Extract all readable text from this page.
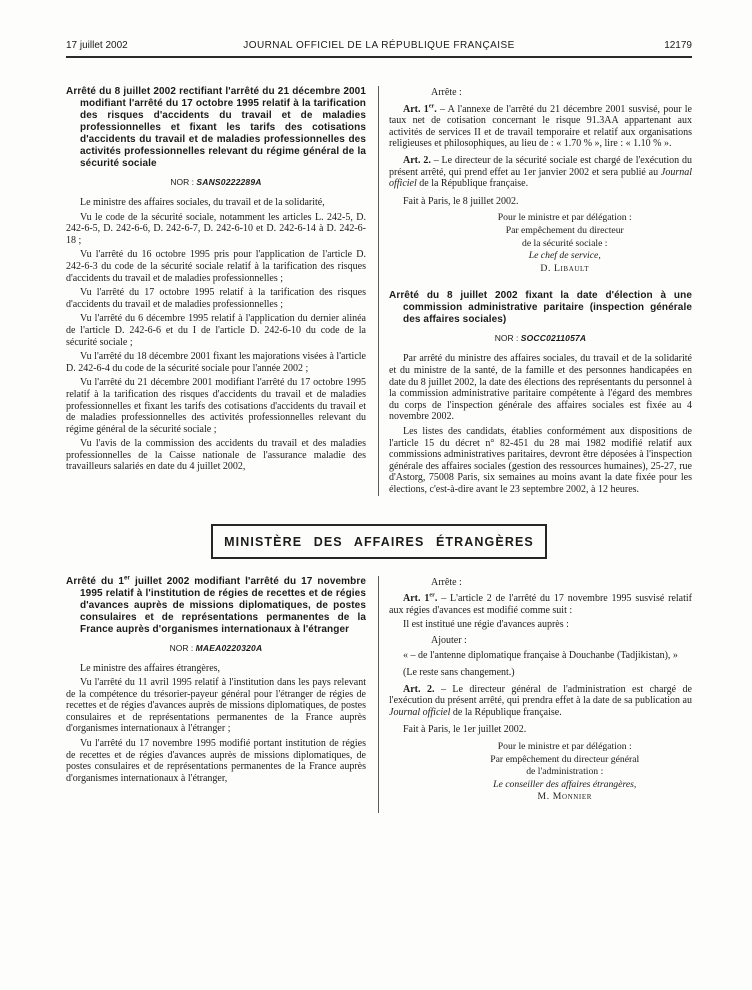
17 juillet 2002	JOURNAL OFFICIEL DE LA RÉPUBLIQUE FRANÇAISE	12179
Arrêté du 8 juillet 2002 rectifiant l'arrêté du 21 décembre 2001 modifiant l'arrêté du 17 octobre 1995 relatif à la tarification des risques d'accidents du travail et de maladies professionnelles et fixant les tarifs des cotisations d'accidents du travail et de maladies professionnelles des activités professionnelles relevant du régime général de la sécurité sociale
NOR : SANS0222289A

Le ministre des affaires sociales, du travail et de la solidarité,

Vu le code de la sécurité sociale, notamment les articles L. 242-5, D. 242-6-5, D. 242-6-6, D. 242-6-7, D. 242-6-10 et D. 242-6-14 à D. 242-6-18 ;

Vu l'arrêté du 16 octobre 1995 pris pour l'application de l'article D. 242-6-3 du code de la sécurité sociale relatif à la tarification des risques d'accidents du travail et de maladies professionnelles ;

Vu l'arrêté du 17 octobre 1995 relatif à la tarification des risques d'accidents du travail et de maladies professionnelles ;

Vu l'arrêté du 6 décembre 1995 relatif à l'application du dernier alinéa de l'article D. 242-6-6 et du I de l'article D. 242-6-10 du code de la sécurité sociale ;

Vu l'arrêté du 18 décembre 2001 fixant les majorations visées à l'article D. 242-6-4 du code de la sécurité sociale pour l'année 2002 ;

Vu l'arrêté du 21 décembre 2001 modifiant l'arrêté du 17 octobre 1995 relatif à la tarification des risques d'accidents du travail et de maladies professionnelles et fixant les tarifs des cotisations d'accidents du travail et de maladies professionnelles des activités professionnelles relevant du régime général de la sécurité sociale ;

Vu l'avis de la commission des accidents du travail et des maladies professionnelles de la Caisse nationale de l'assurance maladie des travailleurs salariés en date du 4 juillet 2002,

Arrête :

Art. 1er. – A l'annexe de l'arrêté du 21 décembre 2001 susvisé, pour le taux net de cotisation concernant le risque 91.3AA appartenant aux activités de services II et de travail temporaire et relatif aux organisations religieuses et philosophiques, au lieu de : « 1.70 % », lire : « 1.10 % ».

Art. 2. – Le directeur de la sécurité sociale est chargé de l'exécution du présent arrêté, qui prend effet au 1er janvier 2002 et sera publié au Journal officiel de la République française.

Fait à Paris, le 8 juillet 2002.

Pour le ministre et par délégation :
Par empêchement du directeur
de la sécurité sociale :
Le chef de service,
D. Libault
Arrêté du 8 juillet 2002 fixant la date d'élection à une commission administrative paritaire (inspection générale des affaires sociales)
NOR : SOCC0211057A

Par arrêté du ministre des affaires sociales, du travail et de la solidarité et du ministre de la santé, de la famille et des personnes handicapées en date du 8 juillet 2002, la date des élections des représentants du personnel à la commission administrative paritaire compétente à l'égard des membres du corps de l'inspection générale des affaires sociales est fixée au 4 novembre 2002.

Les listes des candidats, établies conformément aux dispositions de l'article 15 du décret n° 82-451 du 28 mai 1982 modifié relatif aux commissions administratives paritaires, devront être déposées à l'inspection générale des affaires sociales (gestion des ressources humaines), 25-27, rue d'Astorg, 75008 Paris, six semaines au moins avant la date fixée pour les élections, c'est-à-dire avant le 23 septembre 2002, à 12 heures.

MINISTÈRE DES AFFAIRES ÉTRANGÈRES
Arrêté du 1er juillet 2002 modifiant l'arrêté du 17 novembre 1995 relatif à l'institution de régies de recettes et de régies d'avances auprès de missions diplomatiques, de postes consulaires et de représentations permanentes de la France auprès d'organismes internationaux à l'étranger
NOR : MAEA0220320A

Le ministre des affaires étrangères,

Vu l'arrêté du 11 avril 1995 relatif à l'institution dans les pays relevant de la compétence du trésorier-payeur général pour l'étranger de régies de recettes et de régies d'avances auprès de missions diplomatiques, de postes consulaires et de représentations permanentes de la France auprès d'organismes internationaux à l'étranger ;

Vu l'arrêté du 17 novembre 1995 modifié portant institution de régies de recettes et de régies d'avances auprès de missions diplomatiques, de postes consulaires et de représentations permanentes de la France auprès d'organismes internationaux à l'étranger,

Arrête :

Art. 1er. – L'article 2 de l'arrêté du 17 novembre 1995 susvisé relatif aux régies d'avances est modifié comme suit :

Il est institué une régie d'avances auprès :

Ajouter :

« – de l'antenne diplomatique française à Douchanbe (Tadjikistan), »

(Le reste sans changement.)

Art. 2. – Le directeur général de l'administration est chargé de l'exécution du présent arrêté, qui prendra effet à la date de sa publication au Journal officiel de la République française.

Fait à Paris, le 1er juillet 2002.

Pour le ministre et par délégation :
Par empêchement du directeur général
de l'administration :
Le conseiller des affaires étrangères,
M. Monnier
